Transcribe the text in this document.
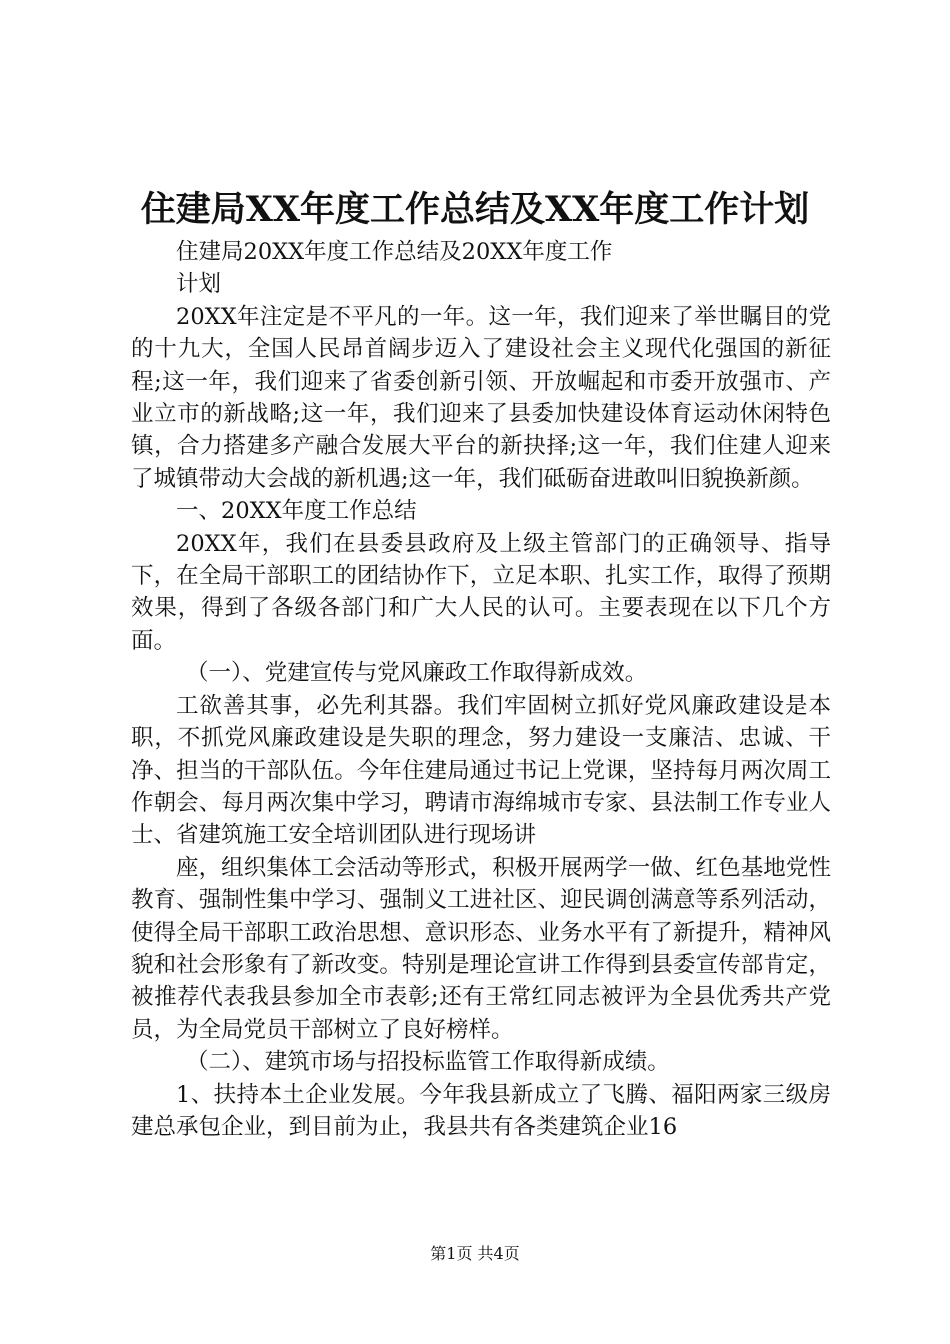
住建局XX年度工作总结及XX年度工作计划

住建局20XX年度工作总结及20XX年度工作

计划

20XX年注定是不平凡的一年。这一年，我们迎来了举世瞩目的党的十九大，全国人民昂首阔步迈入了建设社会主义现代化强国的新征程;这一年，我们迎来了省委创新引领、开放崛起和市委开放强市、产业立市的新战略;这一年，我们迎来了县委加快建设体育运动休闲特色镇，合力搭建多产融合发展大平台的新抉择;这一年，我们住建人迎来了城镇带动大会战的新机遇;这一年，我们砥砺奋进敢叫旧貌换新颜。

一、20XX年度工作总结

20XX年，我们在县委县政府及上级主管部门的正确领导、指导下，在全局干部职工的团结协作下，立足本职、扎实工作，取得了预期效果，得到了各级各部门和广大人民的认可。主要表现在以下几个方面。

（一）、党建宣传与党风廉政工作取得新成效。

工欲善其事，必先利其器。我们牢固树立抓好党风廉政建设是本职，不抓党风廉政建设是失职的理念，努力建设一支廉洁、忠诚、干净、担当的干部队伍。今年住建局通过书记上党课，坚持每月两次周工作朝会、每月两次集中学习，聘请市海绵城市专家、县法制工作专业人士、省建筑施工安全培训团队进行现场讲

座，组织集体工会活动等形式，积极开展两学一做、红色基地党性教育、强制性集中学习、强制义工进社区、迎民调创满意等系列活动，使得全局干部职工政治思想、意识形态、业务水平有了新提升，精神风貌和社会形象有了新改变。特别是理论宣讲工作得到县委宣传部肯定，被推荐代表我县参加全市表彰;还有王常红同志被评为全县优秀共产党员，为全局党员干部树立了良好榜样。

（二）、建筑市场与招投标监管工作取得新成绩。

1、扶持本土企业发展。今年我县新成立了飞腾、福阳两家三级房建总承包企业，到目前为止，我县共有各类建筑企业16

第1页 共4页
